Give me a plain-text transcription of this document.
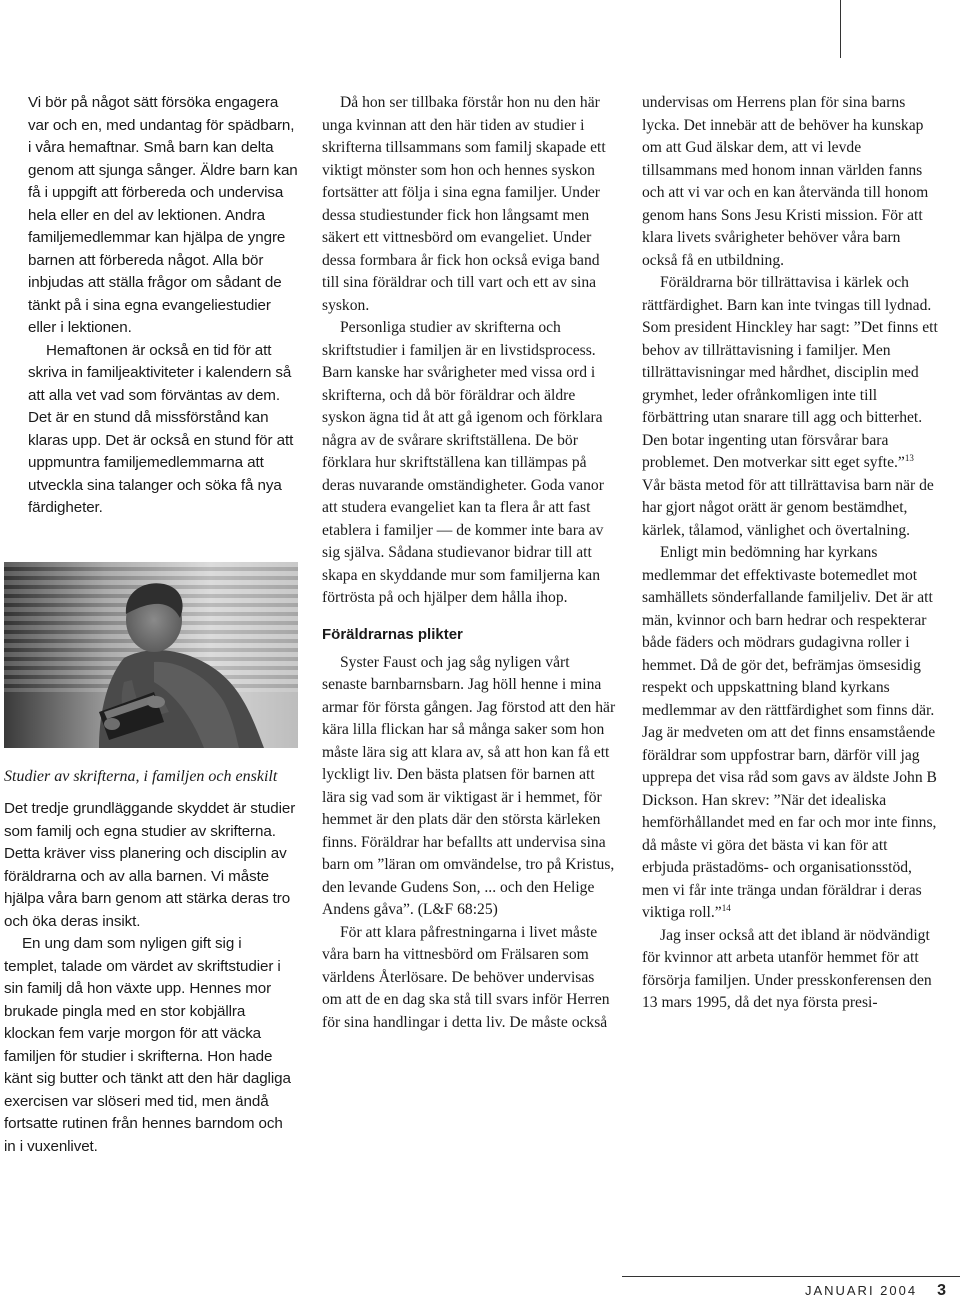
Vi bör på något sätt försöka engagera var och en, med undantag för spädbarn, i våra hemaftnar. Små barn kan delta genom att sjunga sånger. Äldre barn kan få i uppgift att förbereda och undervisa hela eller en del av lektionen. Andra familjemedlemmar kan hjälpa de yngre barnen att förbereda något. Alla bör inbjudas att ställa frågor om sådant de tänkt på i sina egna evangeliestudier eller i lektionen.

Hemaftonen är också en tid för att skriva in familjeaktiviteter i kalendern så att alla vet vad som förväntas av dem. Det är en stund då missförstånd kan klaras upp. Det är också en stund för att uppmuntra familjemedlemmarna att utveckla sina talanger och söka få nya färdigheter.

Studier av skrifterna, i familjen och enskilt

Det tredje grundläggande skyddet är studier som familj och egna studier av skrifterna. Detta kräver viss planering och disciplin av föräldrarna och av alla barnen. Vi måste hjälpa våra barn genom att stärka deras tro och öka deras insikt.

En ung dam som nyligen gift sig i templet, talade om värdet av skriftstudier i sin familj då hon växte upp. Hennes mor brukade pingla med en stor kobjällra klockan fem varje morgon för att väcka familjen för studier i skrifterna. Hon hade känt sig butter och tänkt att den här dagliga exercisen var slöseri med tid, men ändå fortsatte rutinen från hennes barndom och in i vuxenlivet.

Då hon ser tillbaka förstår hon nu den här unga kvinnan att den här tiden av studier i skrifterna tillsammans som familj skapade ett viktigt mönster som hon och hennes syskon fortsätter att följa i sina egna familjer. Under dessa studiestunder fick hon långsamt men säkert ett vittnesbörd om evangeliet. Under dessa formbara år fick hon också eviga band till sina föräldrar och till vart och ett av sina syskon.

Personliga studier av skrifterna och skriftstudier i familjen är en livstidsprocess. Barn kanske har svårigheter med vissa ord i skrifterna, och då bör föräldrar och äldre syskon ägna tid åt att gå igenom och förklara några av de svårare skriftställena. De bör förklara hur skriftställena kan tillämpas på deras nuvarande omständigheter. Goda vanor att studera evangeliet kan ta flera år att fast etablera i familjer — de kommer inte bara av sig själva. Sådana studievanor bidrar till att skapa en skyddande mur som familjerna kan förtrösta på och hjälper dem hålla ihop.

Föräldrarnas plikter

Syster Faust och jag såg nyligen vårt senaste barnbarnsbarn. Jag höll henne i mina armar för första gången. Jag förstod att den här kära lilla flickan har så många saker som hon måste lära sig att klara av, så att hon kan få ett lyckligt liv. Den bästa platsen för barnen att lära sig vad som är viktigast är i hemmet, för hemmet är den plats där den största kärleken finns. Föräldrar har befallts att undervisa sina barn om ”läran om omvändelse, tro på Kristus, den levande Gudens Son, ... och den Helige Andens gåva”. (L&F 68:25)

För att klara påfrestningarna i livet måste våra barn ha vittnesbörd om Frälsaren som världens Återlösare. De behöver undervisas om att de en dag ska stå till svars inför Herren för sina handlingar i detta liv. De måste också

undervisas om Herrens plan för sina barns lycka. Det innebär att de behöver ha kunskap om att Gud älskar dem, att vi levde tillsammans med honom innan världen fanns och att vi var och en kan återvända till honom genom hans Sons Jesu Kristi mission. För att klara livets svårigheter behöver våra barn också få en utbildning.

Föräldrarna bör tillrättavisa i kärlek och rättfärdighet. Barn kan inte tvingas till lydnad. Som president Hinckley har sagt: ”Det finns ett behov av tillrättavisning i familjer. Men tillrättavisningar med hårdhet, disciplin med grymhet, leder ofrånkomligen inte till förbättring utan snarare till agg och bitterhet. Den botar ingenting utan försvårar bara problemet. Den motverkar sitt eget syfte.”$^{13}$ Vår bästa metod för att tillrättavisa barn när de har gjort något orätt är genom bestämdhet, kärlek, tålamod, vänlighet och övertalning.

Enligt min bedömning har kyrkans medlemmar det effektivaste botemedlet mot samhällets sönderfallande familjeliv. Det är att män, kvinnor och barn hedrar och respekterar både fäders och mödrars gudagivna roller i hemmet. Då de gör det, befrämjas ömsesidig respekt och uppskattning bland kyrkans medlemmar av den rättfärdighet som finns där. Jag är medveten om att det finns ensamstående föräldrar som uppfostrar barn, därför vill jag upprepa det visa råd som gavs av äldste John B Dickson. Han skrev: ”När det idealiska hemförhållandet med en far och mor inte finns, då måste vi göra det bästa vi kan för att erbjuda prästadöms- och organisationsstöd, men vi får inte tränga undan föräldrar i deras viktiga roll.”$^{14}$

Jag inser också att det ibland är nödvändigt för kvinnor att arbeta utanför hemmet för att försörja familjen. Under presskonferensen den 13 mars 1995, då det nya första presi-

JANUARI 2004 3
